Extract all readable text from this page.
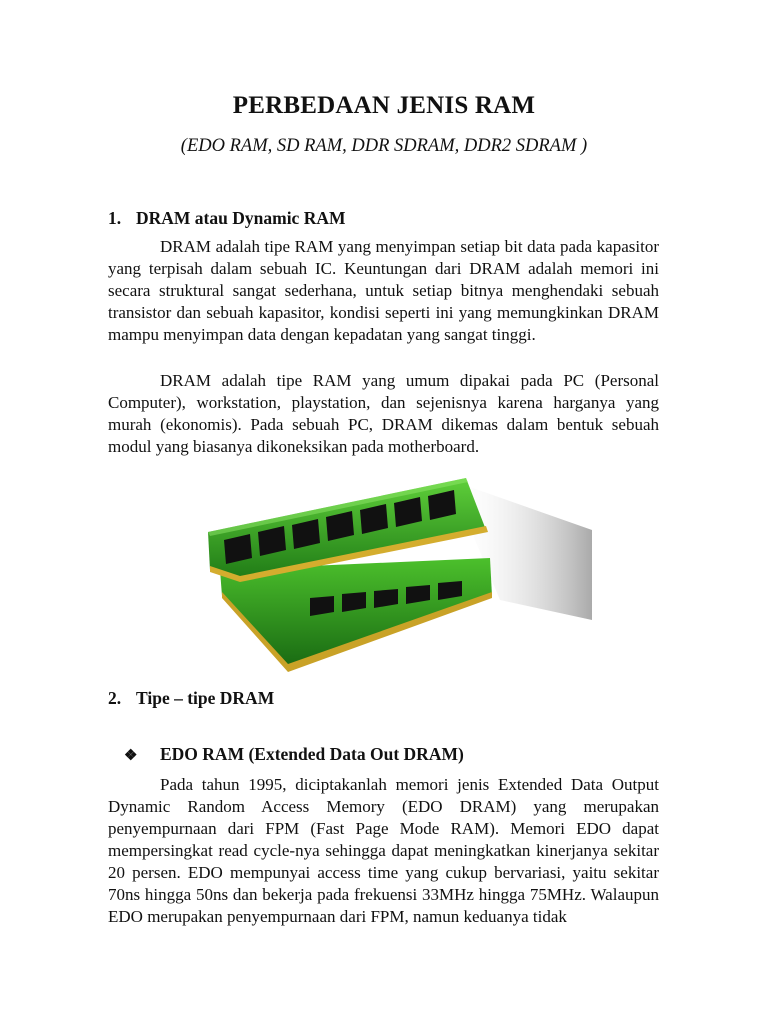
PERBEDAAN JENIS RAM
(EDO RAM, SD RAM, DDR SDRAM, DDR2 SDRAM )
1. DRAM atau Dynamic RAM

DRAM adalah tipe RAM yang menyimpan setiap bit data pada kapasitor yang terpisah dalam sebuah IC. Keuntungan dari DRAM adalah memori ini secara struktural sangat sederhana, untuk setiap bitnya menghendaki sebuah transistor dan sebuah kapasitor, kondisi seperti ini yang memungkinkan DRAM mampu menyimpan data dengan kepadatan yang sangat tinggi.

DRAM adalah tipe RAM yang umum dipakai pada PC (Personal Computer), workstation, playstation, dan sejenisnya karena harganya yang murah (ekonomis). Pada sebuah PC, DRAM dikemas dalam bentuk sebuah modul yang biasanya dikoneksikan pada motherboard.

2. Tipe – tipe DRAM
❖ EDO RAM (Extended Data Out DRAM)

Pada tahun 1995, diciptakanlah memori jenis Extended Data Output Dynamic Random Access Memory (EDO DRAM) yang merupakan penyempurnaan dari FPM (Fast Page Mode RAM). Memori EDO dapat mempersingkat read cycle-nya sehingga dapat meningkatkan kinerjanya sekitar 20 persen. EDO mempunyai access time yang cukup bervariasi, yaitu sekitar 70ns hingga 50ns dan bekerja pada frekuensi 33MHz hingga 75MHz. Walaupun EDO merupakan penyempurnaan dari FPM, namun keduanya tidak
